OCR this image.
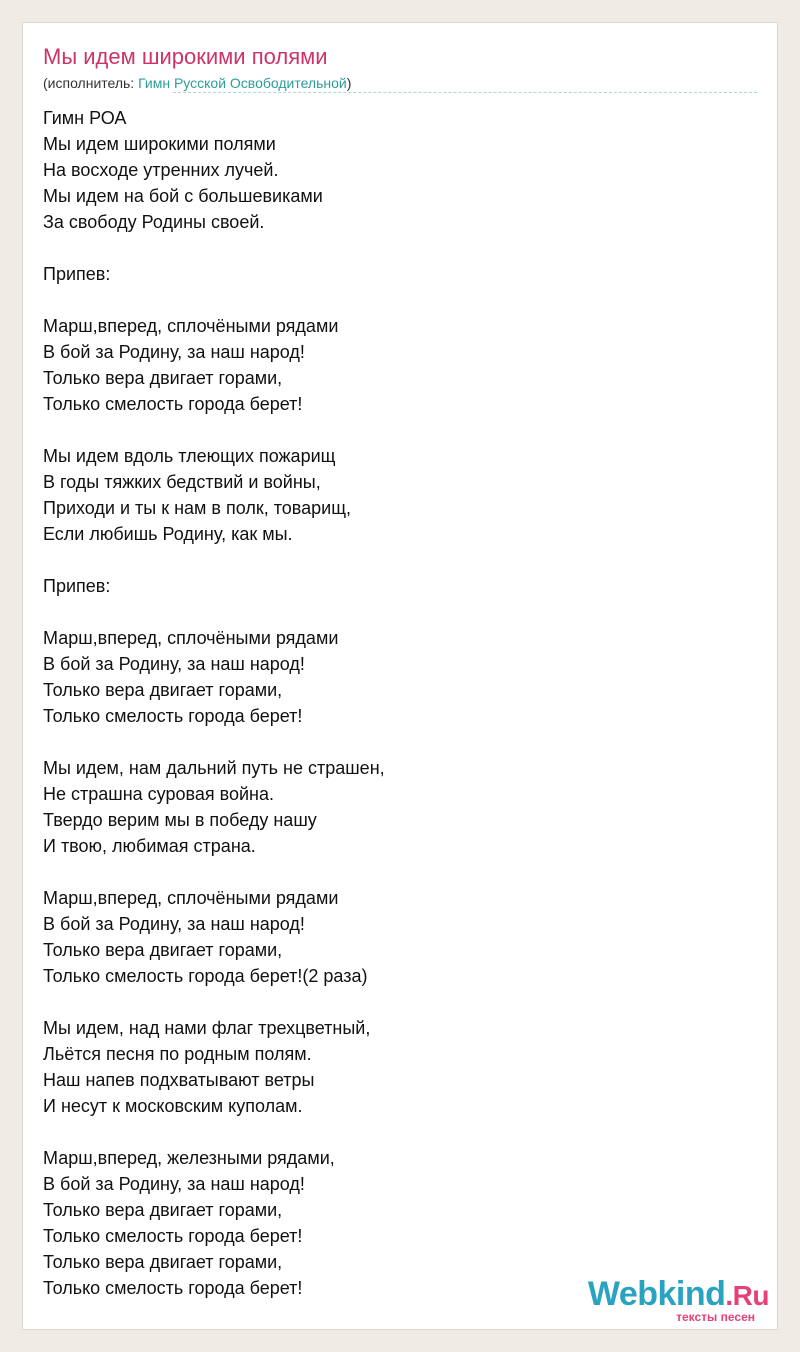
Мы идем широкими полями
(исполнитель: Гимн Русской Освободительной)
Гимн РОА
Мы идем широкими полями
На восходе утренних лучей.
Мы идем на бой с большевиками
За свободу Родины своей.
Припев:
Марш,вперед, сплочёными рядами
В бой за Родину, за наш народ!
Только вера двигает горами,
Только смелость города берет!
Мы идем вдоль тлеющих пожарищ
В годы тяжких бедствий и войны,
Приходи и ты к нам в полк, товарищ,
Если любишь Родину, как мы.
Припев:
Марш,вперед, сплочёными рядами
В бой за Родину, за наш народ!
Только вера двигает горами,
Только смелость города берет!
Мы идем, нам дальний путь не страшен,
Не страшна суровая война.
Твердо верим мы в победу нашу
И твою, любимая страна.
Марш,вперед, сплочёными рядами
В бой за Родину, за наш народ!
Только вера двигает горами,
Только смелость города берет!(2 раза)
Мы идем, над нами флаг трехцветный,
Льётся песня по родным полям.
Наш напев подхватывают ветры
И несут к московским куполам.
Марш,вперед, железными рядами,
В бой за Родину, за наш народ!
Только вера двигает горами,
Только смелость города берет!
Только вера двигает горами,
Только смелость города берет!	Webkind.Ru
тексты песен
